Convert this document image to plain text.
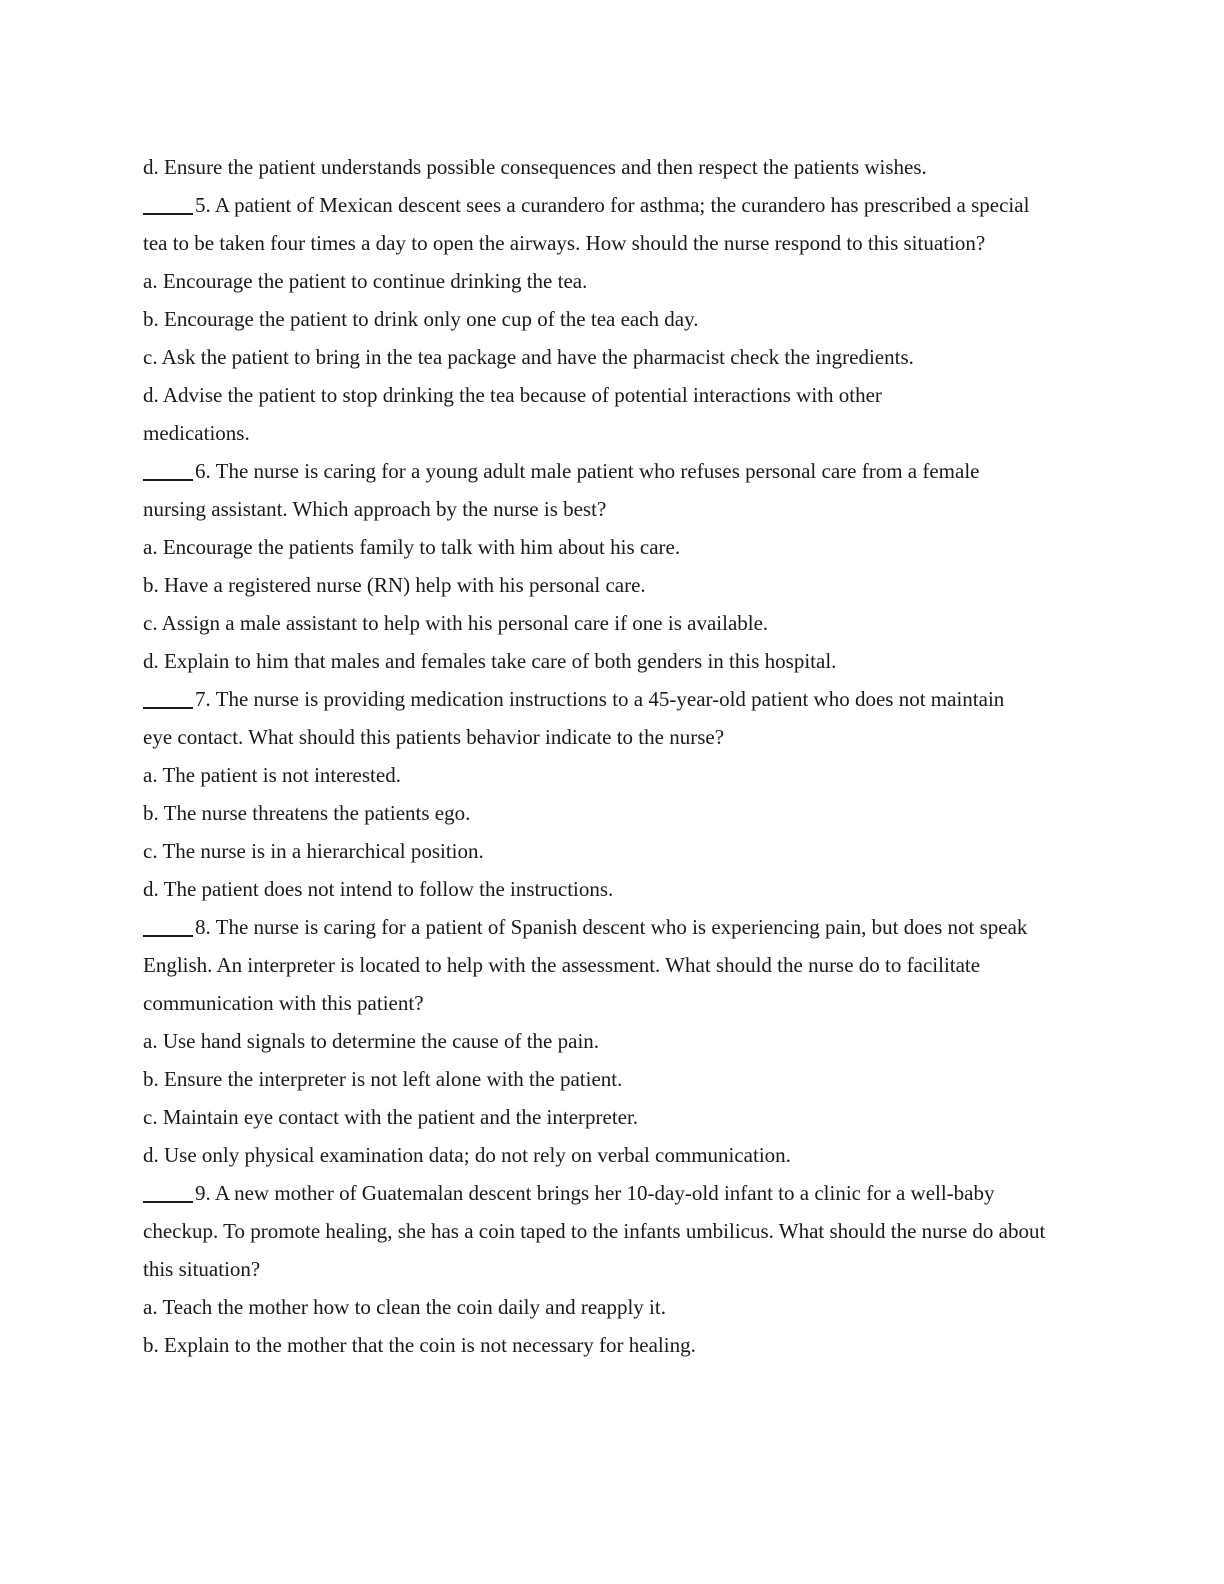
d. Ensure the patient understands possible consequences and then respect the patients wishes.
5. A patient of Mexican descent sees a curandero for asthma; the curandero has prescribed a special tea to be taken four times a day to open the airways. How should the nurse respond to this situation?
a. Encourage the patient to continue drinking the tea.
b. Encourage the patient to drink only one cup of the tea each day.
c. Ask the patient to bring in the tea package and have the pharmacist check the ingredients.
d. Advise the patient to stop drinking the tea because of potential interactions with other medications.
6. The nurse is caring for a young adult male patient who refuses personal care from a female nursing assistant. Which approach by the nurse is best?
a. Encourage the patients family to talk with him about his care.
b. Have a registered nurse (RN) help with his personal care.
c. Assign a male assistant to help with his personal care if one is available.
d. Explain to him that males and females take care of both genders in this hospital.
7. The nurse is providing medication instructions to a 45-year-old patient who does not maintain eye contact. What should this patients behavior indicate to the nurse?
a. The patient is not interested.
b. The nurse threatens the patients ego.
c. The nurse is in a hierarchical position.
d. The patient does not intend to follow the instructions.
8. The nurse is caring for a patient of Spanish descent who is experiencing pain, but does not speak English. An interpreter is located to help with the assessment. What should the nurse do to facilitate communication with this patient?
a. Use hand signals to determine the cause of the pain.
b. Ensure the interpreter is not left alone with the patient.
c. Maintain eye contact with the patient and the interpreter.
d. Use only physical examination data; do not rely on verbal communication.
9. A new mother of Guatemalan descent brings her 10-day-old infant to a clinic for a well-baby checkup. To promote healing, she has a coin taped to the infants umbilicus. What should the nurse do about this situation?
a. Teach the mother how to clean the coin daily and reapply it.
b. Explain to the mother that the coin is not necessary for healing.
